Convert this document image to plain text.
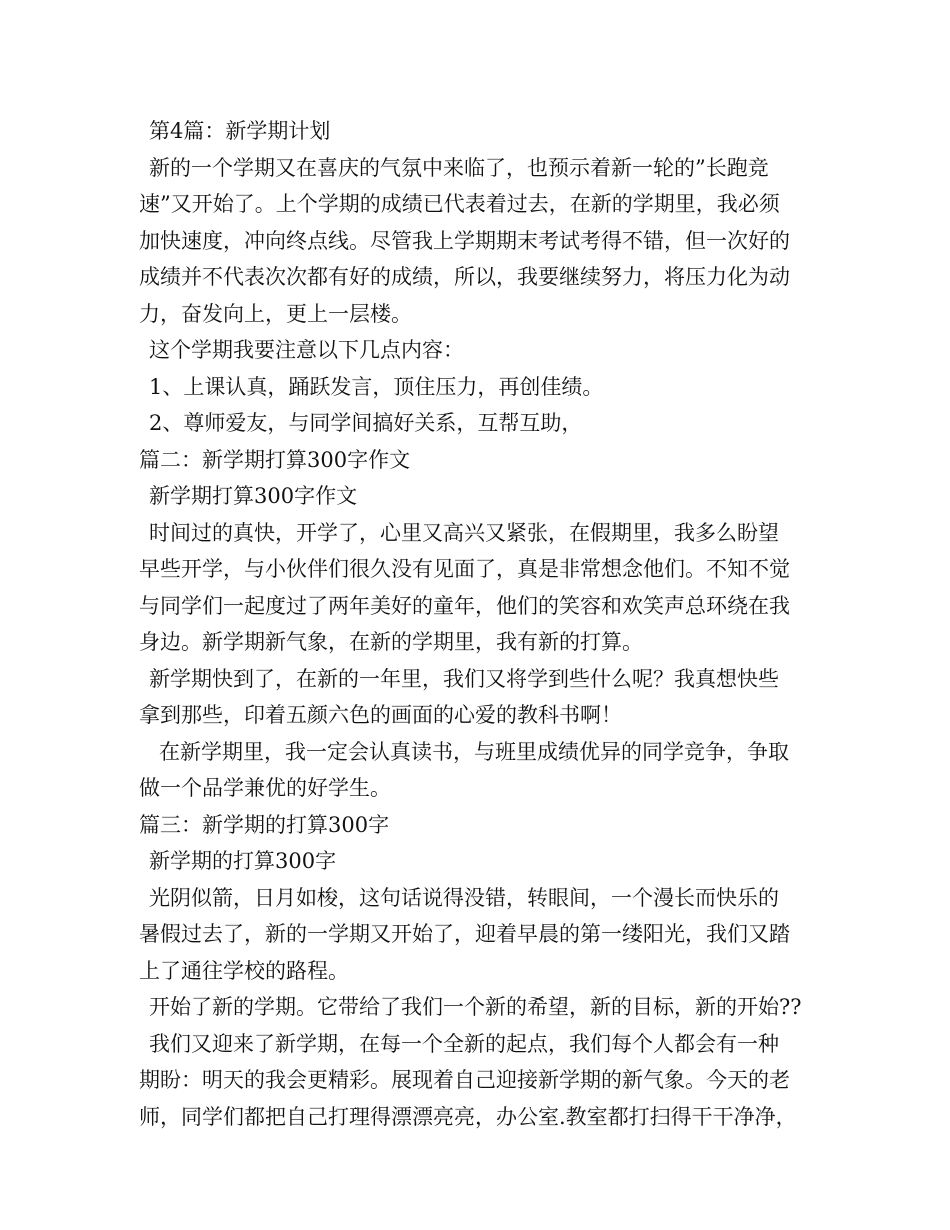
第4篇：新学期计划
新的一个学期又在喜庆的气氛中来临了，也预示着新一轮的”长跑竞
速”又开始了。上个学期的成绩已代表着过去，在新的学期里，我必须
加快速度，冲向终点线。尽管我上学期期末考试考得不错，但一次好的
成绩并不代表次次都有好的成绩，所以，我要继续努力，将压力化为动
力，奋发向上，更上一层楼。
这个学期我要注意以下几点内容：
1、上课认真，踊跃发言，顶住压力，再创佳绩。
2、尊师爱友，与同学间搞好关系，互帮互助，
篇二：新学期打算300字作文
新学期打算300字作文
时间过的真快，开学了，心里又高兴又紧张，在假期里，我多么盼望
早些开学，与小伙伴们很久没有见面了，真是非常想念他们。不知不觉
与同学们一起度过了两年美好的童年，他们的笑容和欢笑声总环绕在我
身边。新学期新气象，在新的学期里，我有新的打算。
新学期快到了，在新的一年里，我们又将学到些什么呢？我真想快些
拿到那些，印着五颜六色的画面的心爱的教科书啊！
在新学期里，我一定会认真读书，与班里成绩优异的同学竞争，争取
做一个品学兼优的好学生。
篇三：新学期的打算300字
新学期的打算300字
光阴似箭，日月如梭，这句话说得没错，转眼间，一个漫长而快乐的
暑假过去了，新的一学期又开始了，迎着早晨的第一缕阳光，我们又踏
上了通往学校的路程。
开始了新的学期。它带给了我们一个新的希望，新的目标，新的开始??
我们又迎来了新学期，在每一个全新的起点，我们每个人都会有一种
期盼：明天的我会更精彩。展现着自己迎接新学期的新气象。今天的老
师，同学们都把自己打理得漂漂亮亮，办公室.教室都打扫得干干净净，
